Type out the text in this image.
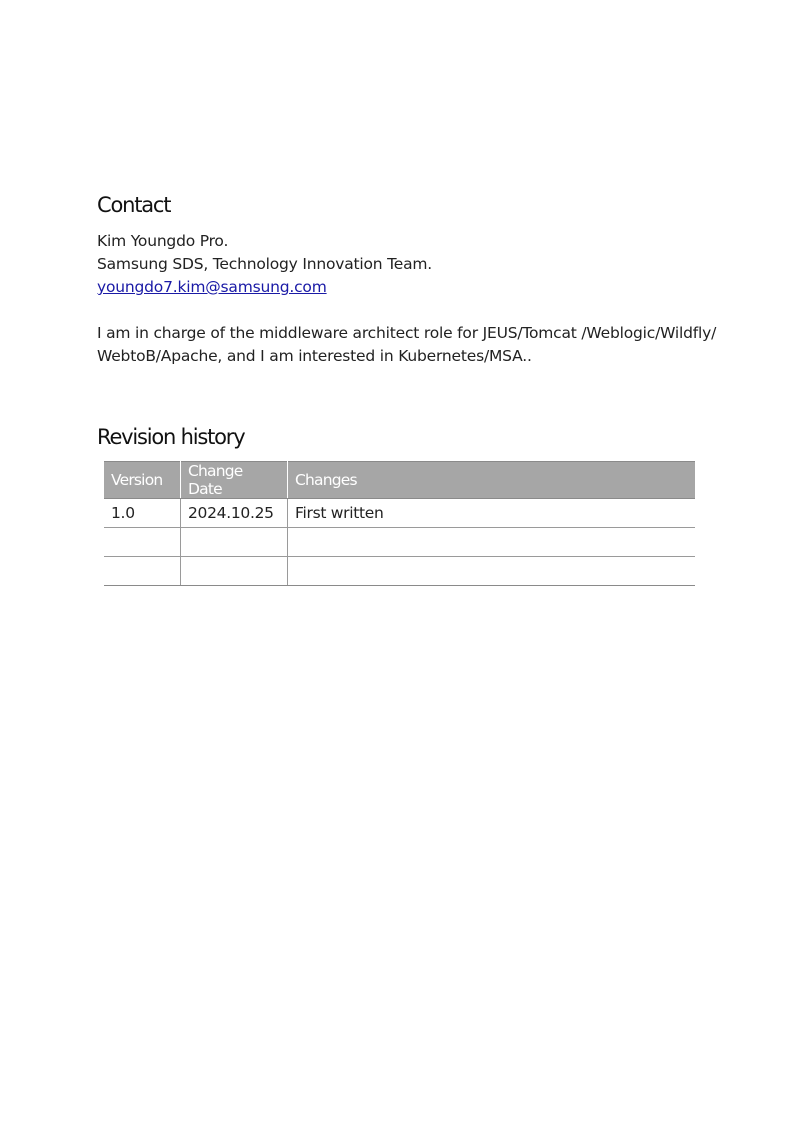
Contact
Kim Youngdo Pro.
Samsung SDS, Technology Innovation Team.
youngdo7.kim@samsung.com

I am in charge of the middleware architect role for JEUS/Tomcat /Weblogic/Wildfly/ WebtoB/Apache, and I am interested in Kubernetes/MSA..

Revision history
Version	Change Date	Changes
1.0	2024.10.25	First written
